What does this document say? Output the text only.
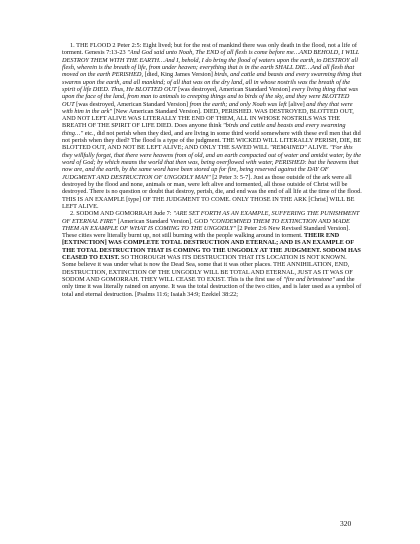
1. THE FLOOD 2 Peter 2:5: Eight lived; but for the rest of mankind there was only death in the flood, not a life of torment. Genesis 7:13-23 "And God said unto Noah, The END of all flesh is come before me…AND BEHOLD, I WILL DESTROY THEM WITH THE EARTH…And I, behold, I do bring the flood of waters upon the earth, to DESTROY all flesh, wherein is the breath of life, from under heaven; everything that is in the earth SHALL DIE…And all flesh that moved on the earth PERISHED, [died, King James Version] birds, and cattle and beasts and every swarming thing that swarms upon the earth, and all mankind; of all that was on the dry land, all in whose nostrils was the breath of the spirit of life DIED. Thus, He BLOTTED OUT [was destroyed, American Standard Version] every living thing that was upon the face of the land, from man to animals to creeping things and to birds of the sky, and they were BLOTTED OUT [was destroyed, American Standard Version] from the earth; and only Noah was left [alive] and they that were with him in the ark" [New American Standard Version]. DIED, PERISHED. WAS DESTROYED, BLOTTED OUT, AND NOT LEFT ALIVE WAS LITERALLY THE END OF THEM, ALL IN WHOSE NOSTRILS WAS THE BREATH OF THE SPIRIT OF LIFE DIED. Does anyone think "birds and cattle and beasts and every swarming thing…" etc., did not perish when they died, and are living in some third world somewhere with these evil men that did not perish when they died? The flood is a type of the judgment. THE WICKED WILL LITERALLY PERISH, DIE, BE BLOTTED OUT, AND NOT BE LEFT ALIVE; AND ONLY THE SAVED WILL "REMAINED" ALIVE. "For this they willfully forget, that there were heavens from of old, and an earth compacted out of water and amidst water, by the word of God; by which means the world that then was, being overflowed with water, PERISHED: but the heavens that now are, and the earth, by the same word have been stored up for fire, being reserved against the DAY OF JUDGMENT AND DESTRUCTION OF UNGODLY MAN" [2 Peter 3: 5-7]. Just as those outside of the ark were all destroyed by the flood and none, animals or man, were left alive and tormented, all those outside of Christ will be destroyed. There is no question or doubt that destroy, perish, die, and end was the end of all life at the time of the flood. THIS IS AN EXAMPLE [type] OF THE JUDGMENT TO COME. ONLY THOSE IN THE ARK [Christ] WILL BE LEFT ALIVE.

2. SODOM AND GOMORRAH Jude 7: "ARE SET FORTH AS AN EXAMPLE, SUFFERING THE PUNISHMENT OF ETERNAL FIRE" [American Standard Version]. GOD "CONDEMNED THEM TO EXTINCTION AND MADE THEM AN EXAMPLE OF WHAT IS COMING TO THE UNGODLY" [2 Peter 2:6 New Revised Standard Version]. These cities were literally burnt up, not still burning with the people walking around in torment. THEIR END [EXTINCTION] WAS COMPLETE TOTAL DESTRUCTION AND ETERNAL; AND IS AN EXAMPLE OF THE TOTAL DESTRUCTION THAT IS COMING TO THE UNGODLY AT THE JUDGMENT. SODOM HAS CEASED TO EXIST. SO THOROUGH WAS ITS DESTRUCTION THAT ITS LOCATION IS NOT KNOWN. Some believe it was under what is now the Dead Sea, some that it was other places. THE ANNIHILATION, END, DESTRUCTION, EXTINCTION OF THE UNGODLY WILL BE TOTAL AND ETERNAL, JUST AS IT WAS OF SODOM AND GOMORRAH. THEY WILL CEASE TO EXIST. This is the first use of "fire and brimstone" and the only time it was literally rained on anyone. It was the total destruction of the two cities, and is later used as a symbol of total and eternal destruction. [Psalms 11:6; Isaiah 34:9; Ezekiel 38:22;

320
